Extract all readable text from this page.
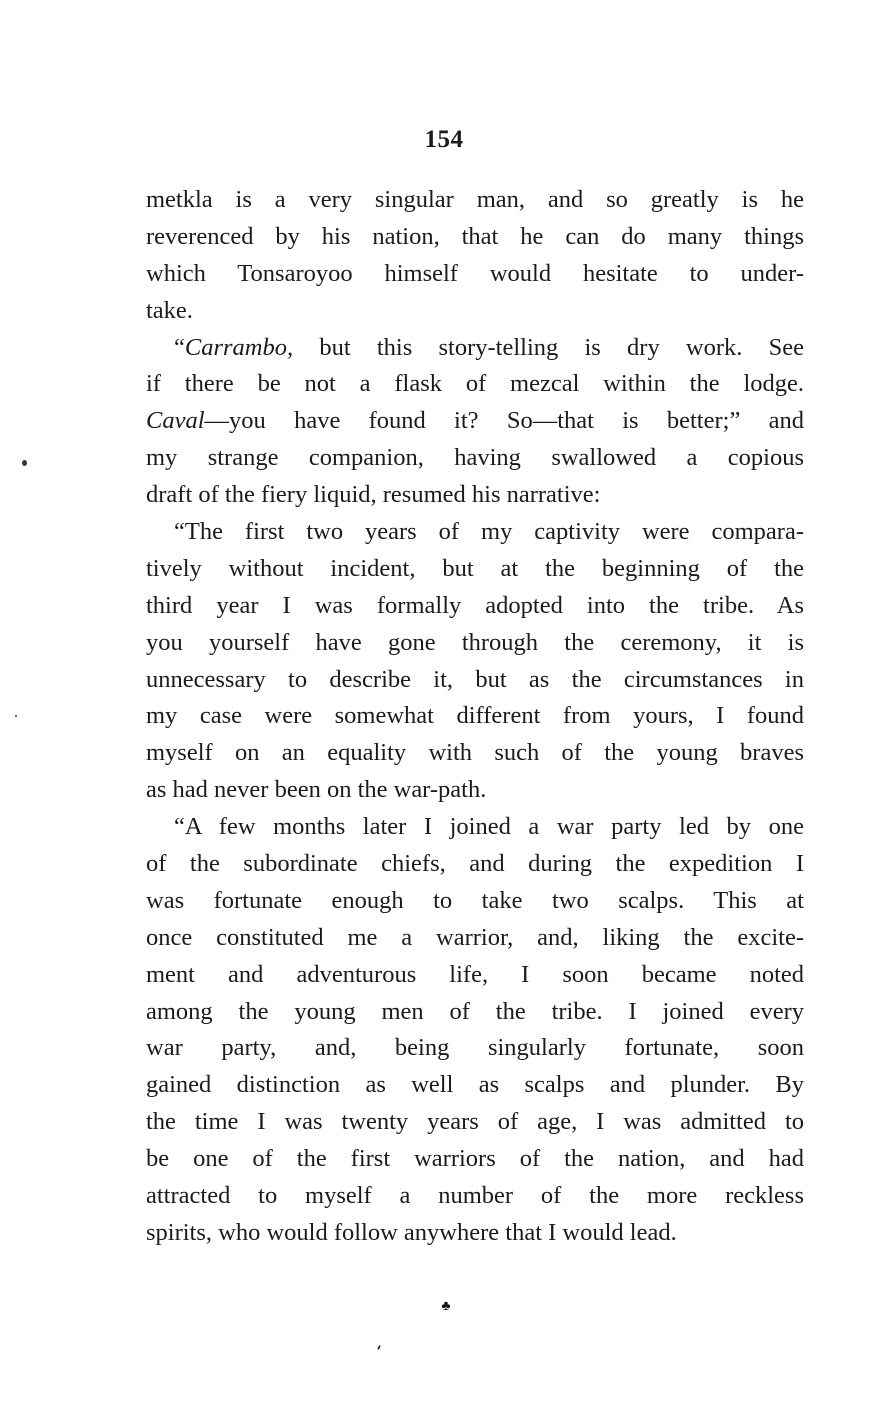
154
metkla is a very singular man, and so greatly is he
reverenced by his nation, that he can do many things
which Tonsaroyoo himself would hesitate to under-
take.
“Carrambo, but this story-telling is dry work. See
if there be not a flask of mezcal within the lodge.
Caval—you have found it? So—that is better;” and
my strange companion, having swallowed a copious
draft of the fiery liquid, resumed his narrative:
“The first two years of my captivity were compara-
tively without incident, but at the beginning of the
third year I was formally adopted into the tribe. As
you yourself have gone through the ceremony, it is
unnecessary to describe it, but as the circumstances in
my case were somewhat different from yours, I found
myself on an equality with such of the young braves
as had never been on the war-path.
“A few months later I joined a war party led by one
of the subordinate chiefs, and during the expedition I
was fortunate enough to take two scalps. This at
once constituted me a warrior, and, liking the excite-
ment and adventurous life, I soon became noted
among the young men of the tribe. I joined every
war party, and, being singularly fortunate, soon
gained distinction as well as scalps and plunder. By
the time I was twenty years of age, I was admitted to
be one of the first warriors of the nation, and had
attracted to myself a number of the more reckless
spirits, who would follow anywhere that I would lead.
♣
